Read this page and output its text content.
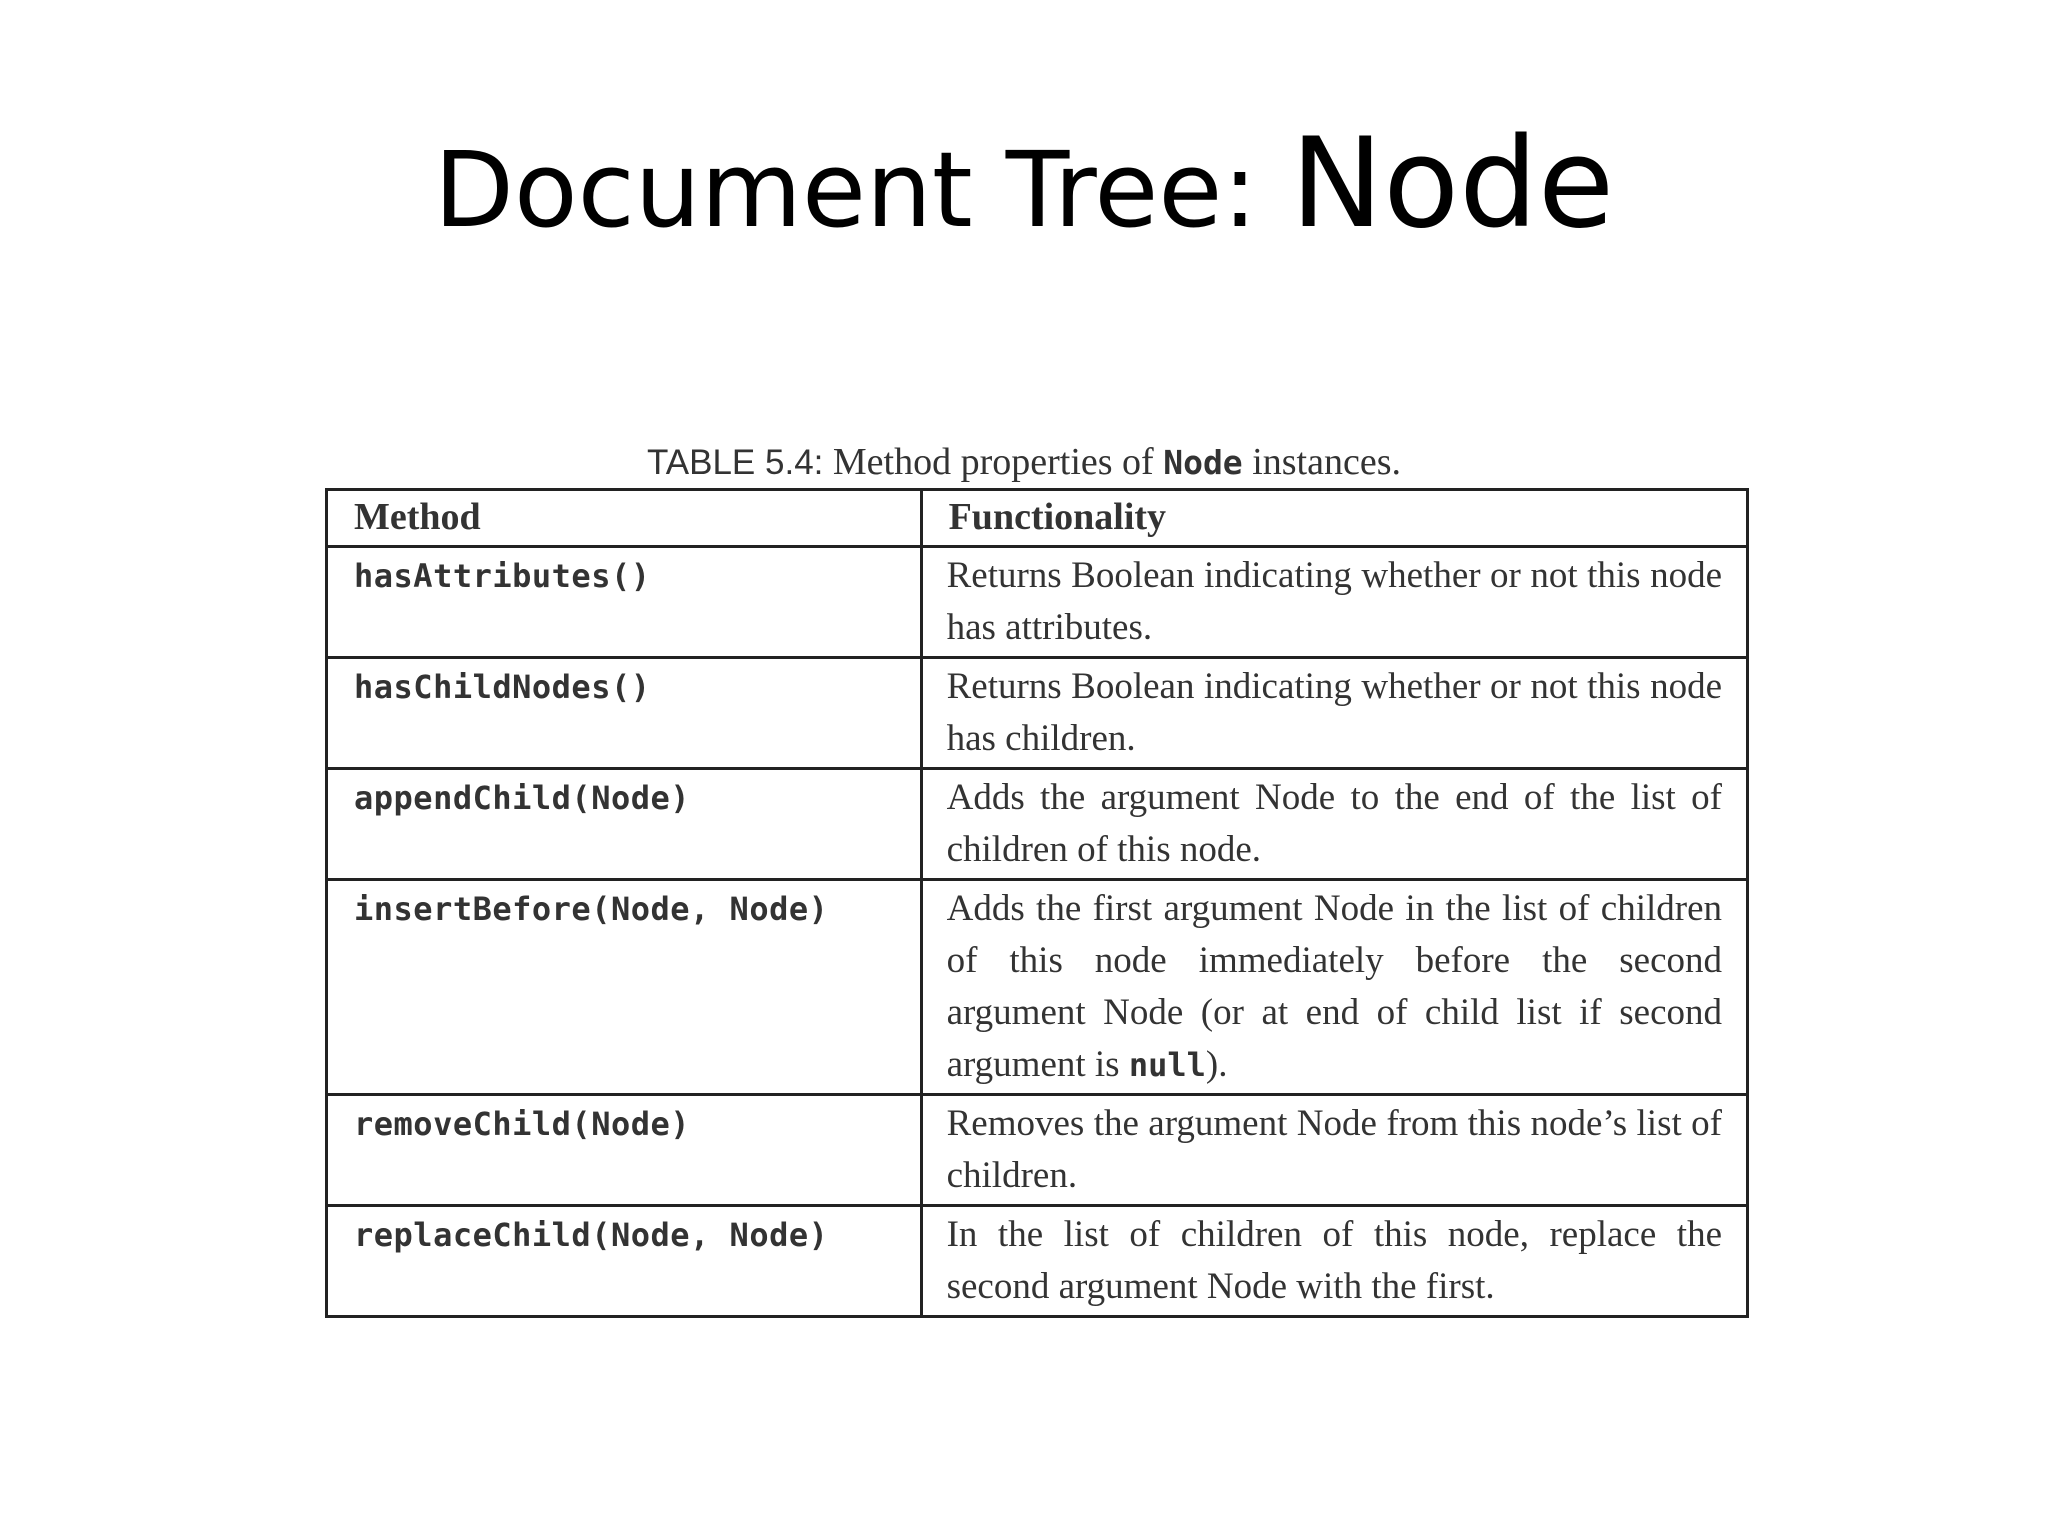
Document Tree: Node
TABLE 5.4: Method properties of Node instances.
Method	Functionality
hasAttributes()	Returns Boolean indicating whether or not this node has attributes.
hasChildNodes()	Returns Boolean indicating whether or not this node has children.
appendChild(Node)	Adds the argument Node to the end of the list of children of this node.
insertBefore(Node, Node)	Adds the first argument Node in the list of children of this node immediately before the second argument Node (or at end of child list if second argument is null).
removeChild(Node)	Removes the argument Node from this node’s list of children.
replaceChild(Node, Node)	In the list of children of this node, replace the second argument Node with the first.
